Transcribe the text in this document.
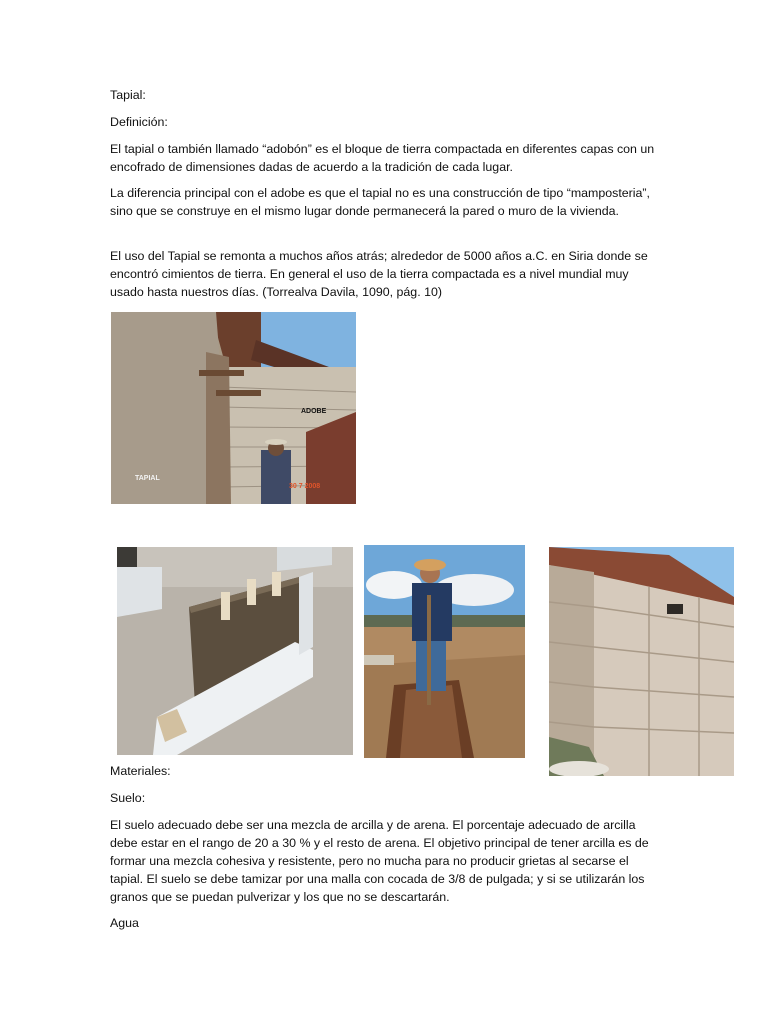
Tapial:

Definición:

El tapial o también llamado “adobón” es el bloque de tierra compactada en diferentes capas con un encofrado de dimensiones dadas de acuerdo a la tradición de cada lugar.

La diferencia principal con el adobe es que el tapial no es una construcción de tipo “mamposteria”, sino que se construye en el mismo lugar donde permanecerá la pared o muro de la vivienda.

El uso del Tapial se remonta a muchos años atrás; alrededor de 5000 años a.C. en Siria donde se encontró cimientos de tierra. En general el uso de la tierra compactada es a nivel mundial muy usado hasta nuestros días. (Torrealva Davila, 1090, pág. 10)

ADOBE
TAPIAL
30 7 2008

Materiales:

Suelo:

El suelo adecuado debe ser una mezcla de arcilla y de arena. El porcentaje adecuado de arcilla debe estar en el rango de 20 a 30 % y el resto de arena. El objetivo principal de tener arcilla es de formar una mezcla cohesiva y resistente, pero no mucha para no producir grietas al secarse el tapial. El suelo se debe tamizar por una malla con cocada de 3/8 de pulgada; y si se utilizarán los granos que se puedan pulverizar y los que no se descartarán.

Agua
